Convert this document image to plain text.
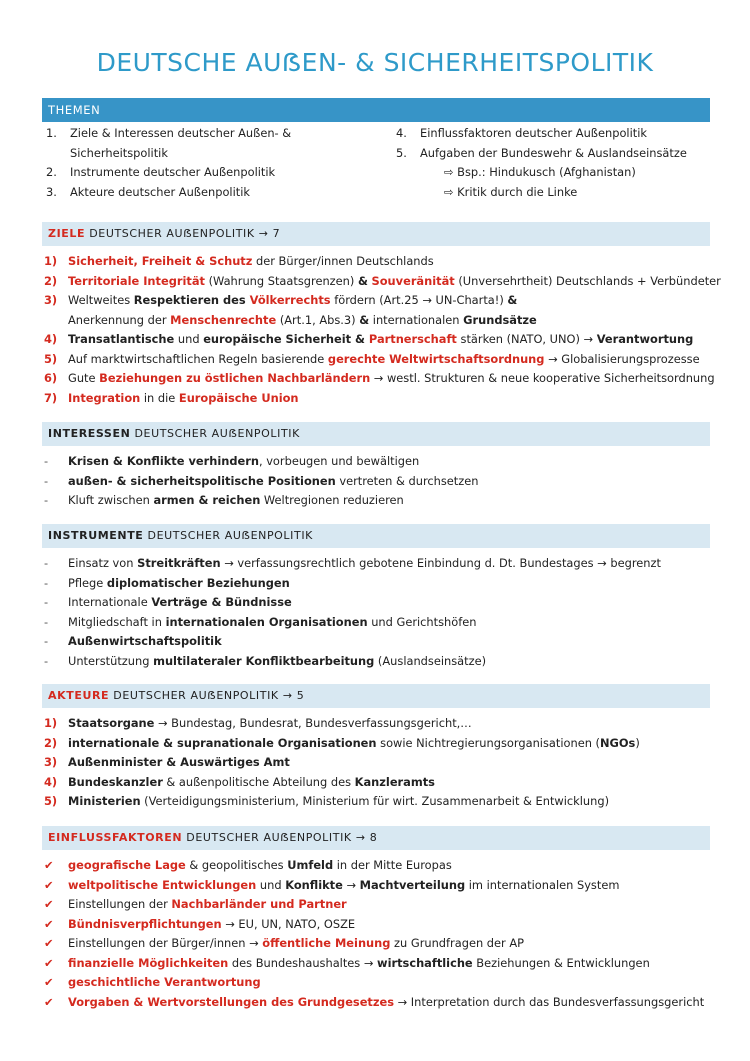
DEUTSCHE AUẞEN- & SICHERHEITSPOLITIK
THEMEN
1. Ziele & Interessen deutscher Außen- &
Sicherheitspolitik
2. Instrumente deutscher Außenpolitik
3. Akteure deutscher Außenpolitik
4. Einflussfaktoren deutscher Außenpolitik
5. Aufgaben der Bundeswehr & Auslandseinsätze
⇨ Bsp.: Hindukusch (Afghanistan)
⇨ Kritik durch die Linke
ZIELE DEUTSCHER AUẞENPOLITIK → 7
1) Sicherheit, Freiheit & Schutz der Bürger/innen Deutschlands
2) Territoriale Integrität (Wahrung Staatsgrenzen) & Souveränität (Unversehrtheit) Deutschlands + Verbündeter
3) Weltweites Respektieren des Völkerrechts fördern (Art.25 → UN-Charta!) &
Anerkennung der Menschenrechte (Art.1, Abs.3) & internationalen Grundsätze
4) Transatlantische und europäische Sicherheit & Partnerschaft stärken (NATO, UNO) → Verantwortung
5) Auf marktwirtschaftlichen Regeln basierende gerechte Weltwirtschaftsordnung → Globalisierungsprozesse
6) Gute Beziehungen zu östlichen Nachbarländern → westl. Strukturen & neue kooperative Sicherheitsordnung
7) Integration in die Europäische Union
INTERESSEN DEUTSCHER AUẞENPOLITIK
- Krisen & Konflikte verhindern, vorbeugen und bewältigen
- außen- & sicherheitspolitische Positionen vertreten & durchsetzen
- Kluft zwischen armen & reichen Weltregionen reduzieren
INSTRUMENTE DEUTSCHER AUẞENPOLITIK
- Einsatz von Streitkräften → verfassungsrechtlich gebotene Einbindung d. Dt. Bundestages → begrenzt
- Pflege diplomatischer Beziehungen
- Internationale Verträge & Bündnisse
- Mitgliedschaft in internationalen Organisationen und Gerichtshöfen
- Außenwirtschaftspolitik
- Unterstützung multilateraler Konfliktbearbeitung (Auslandseinsätze)
AKTEURE DEUTSCHER AUẞENPOLITIK → 5
1) Staatsorgane → Bundestag, Bundesrat, Bundesverfassungsgericht,…
2) internationale & supranationale Organisationen sowie Nichtregierungsorganisationen (NGOs)
3) Außenminister & Auswärtiges Amt
4) Bundeskanzler & außenpolitische Abteilung des Kanzleramts
5) Ministerien (Verteidigungsministerium, Ministerium für wirt. Zusammenarbeit & Entwicklung)
EINFLUSSFAKTOREN DEUTSCHER AUẞENPOLITIK → 8
✔ geografische Lage & geopolitisches Umfeld in der Mitte Europas
✔ weltpolitische Entwicklungen und Konflikte → Machtverteilung im internationalen System
✔ Einstellungen der Nachbarländer und Partner
✔ Bündnisverpflichtungen → EU, UN, NATO, OSZE
✔ Einstellungen der Bürger/innen → öffentliche Meinung zu Grundfragen der AP
✔ finanzielle Möglichkeiten des Bundeshaushaltes → wirtschaftliche Beziehungen & Entwicklungen
✔ geschichtliche Verantwortung
✔ Vorgaben & Wertvorstellungen des Grundgesetzes → Interpretation durch das Bundesverfassungsgericht
